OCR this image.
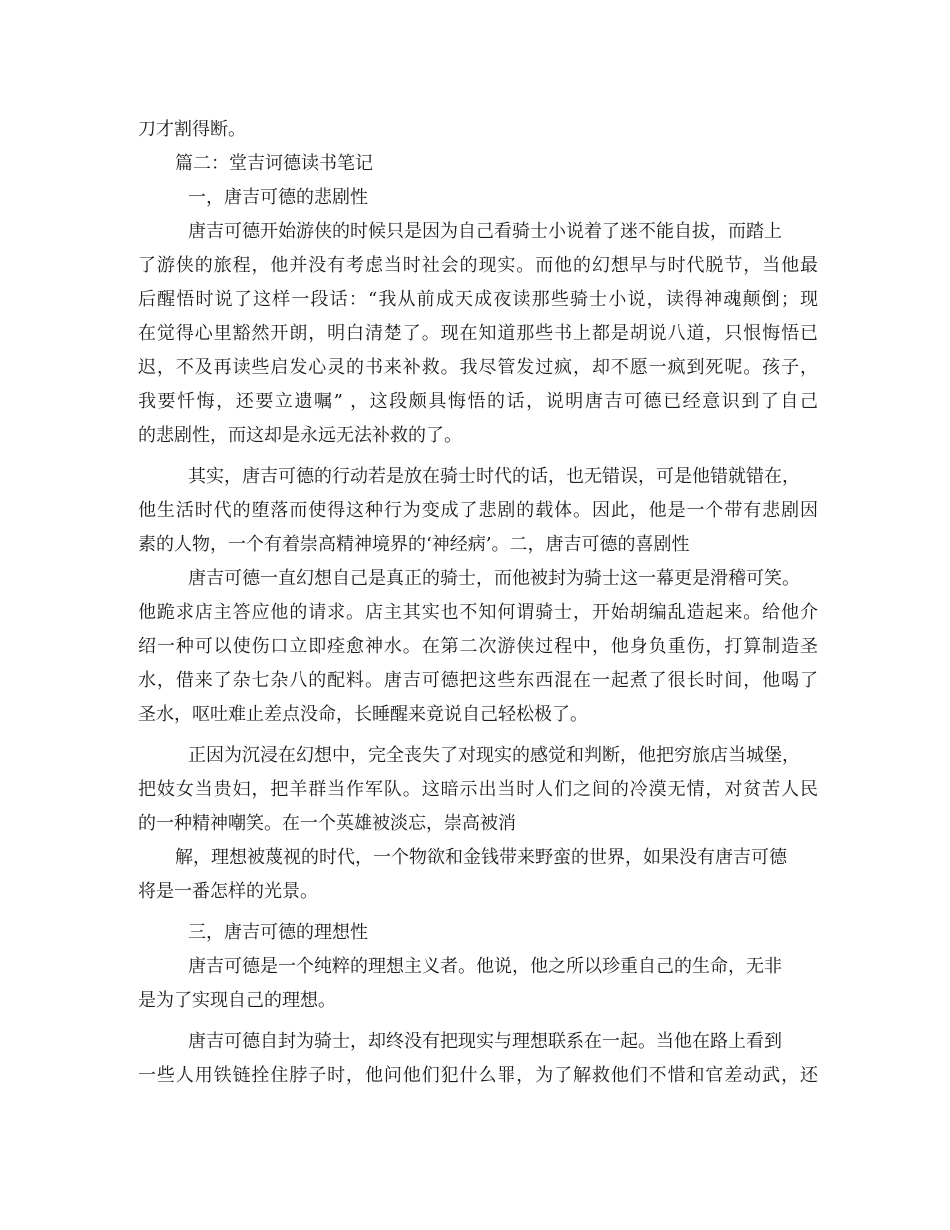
刀才割得断。

篇二：堂吉诃德读书笔记

一，唐吉可德的悲剧性

唐吉可德开始游侠的时候只是因为自己看骑士小说着了迷不能自拔，而踏上

了游侠的旅程，他并没有考虑当时社会的现实。而他的幻想早与时代脱节，当他最

后醒悟时说了这样一段话：“我从前成天成夜读那些骑士小说，读得神魂颠倒；现

在觉得心里豁然开朗，明白清楚了。现在知道那些书上都是胡说八道，只恨悔悟已

迟，不及再读些启发心灵的书来补救。我尽管发过疯，却不愿一疯到死呢。孩子，

我要忏悔，还要立遗嘱” ，这段颇具悔悟的话，说明唐吉可德已经意识到了自己

的悲剧性，而这却是永远无法补救的了。

其实，唐吉可德的行动若是放在骑士时代的话，也无错误，可是他错就错在，

他生活时代的堕落而使得这种行为变成了悲剧的载体。因此，他是一个带有悲剧因

素的人物，一个有着崇高精神境界的‘神经病’。二，唐吉可德的喜剧性

唐吉可德一直幻想自己是真正的骑士，而他被封为骑士这一幕更是滑稽可笑。

他跪求店主答应他的请求。店主其实也不知何谓骑士，开始胡编乱造起来。给他介

绍一种可以使伤口立即痊愈神水。在第二次游侠过程中，他身负重伤，打算制造圣

水，借来了杂七杂八的配料。唐吉可德把这些东西混在一起煮了很长时间，他喝了

圣水，呕吐难止差点没命，长睡醒来竟说自己轻松极了。

正因为沉浸在幻想中，完全丧失了对现实的感觉和判断，他把穷旅店当城堡，

把妓女当贵妇，把羊群当作军队。这暗示出当时人们之间的冷漠无情，对贫苦人民

的一种精神嘲笑。在一个英雄被淡忘，崇高被消

解，理想被蔑视的时代，一个物欲和金钱带来野蛮的世界，如果没有唐吉可德

将是一番怎样的光景。

三，唐吉可德的理想性

唐吉可德是一个纯粹的理想主义者。他说，他之所以珍重自己的生命，无非

是为了实现自己的理想。

唐吉可德自封为骑士，却终没有把现实与理想联系在一起。当他在路上看到

一些人用铁链拴住脖子时，他问他们犯什么罪，为了解救他们不惜和官差动武，还
